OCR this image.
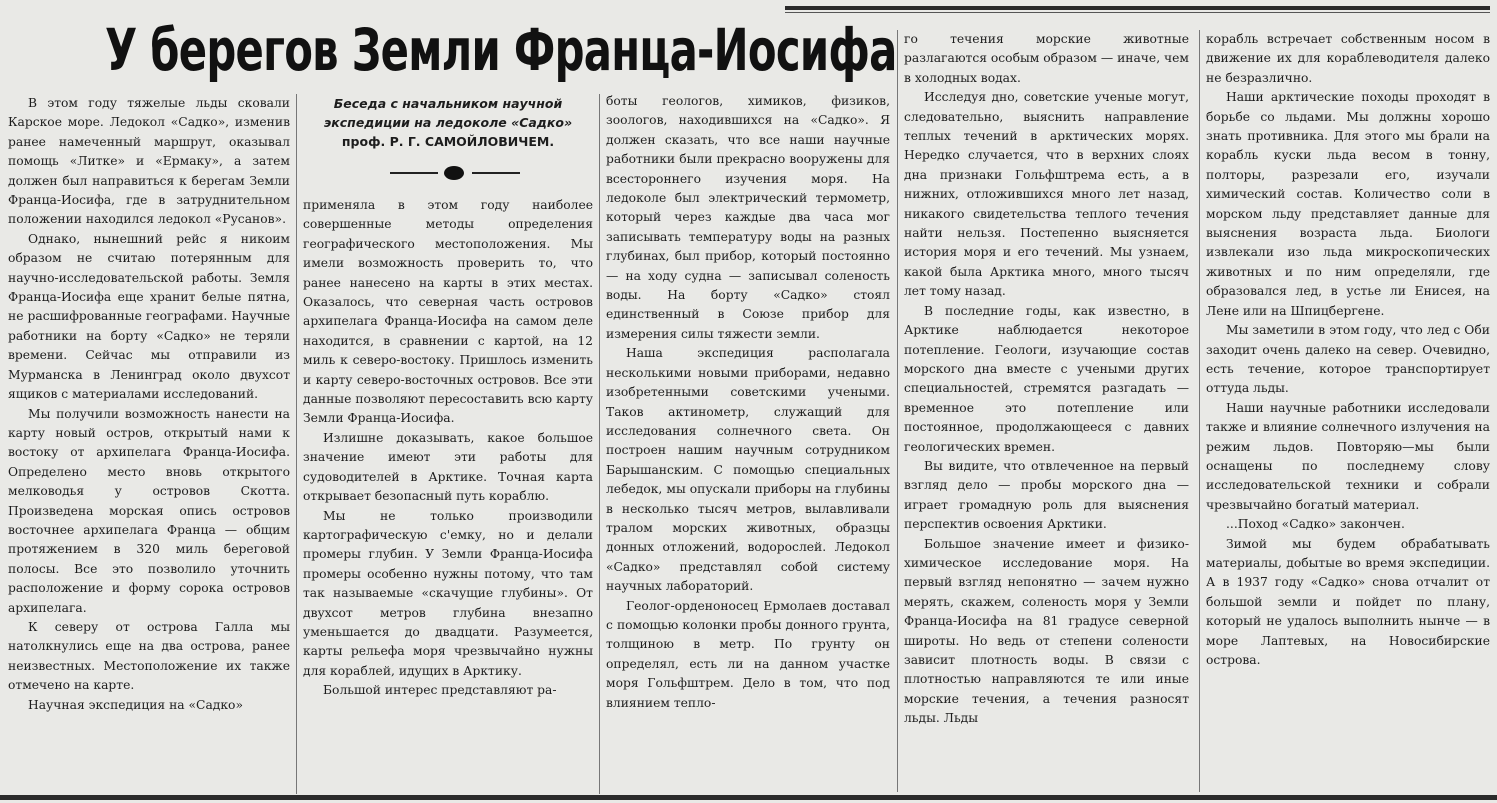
У берегов Земли Франца-Иосифа
Беседа с начальником научной экспедиции на ледоколе «Садко»
проф. Р. Г. САМОЙЛОВИЧЕМ.

В этом году тяжелые льды сковали Карское море. Ледокол «Садко», изменив ранее намеченный маршрут, оказывал помощь «Литке» и «Ермаку», а затем должен был направиться к берегам Земли Франца-Иосифа, где в затруднительном положении находился ледокол «Русанов».

Однако, нынешний рейс я никоим образом не считаю потерянным для научно-исследовательской работы. Земля Франца-Иосифа еще хранит белые пятна, не расшифрованные географами. Научные работники на борту «Садко» не теряли времени. Сейчас мы отправили из Мурманска в Ленинград около двухсот ящиков с материалами исследований.

Мы получили возможность нанести на карту новый остров, открытый нами к востоку от архипелага Франца-Иосифа. Определено место вновь открытого мелководья у островов Скотта. Произведена морская опись островов восточнее архипелага Франца — общим протяжением в 320 миль береговой полосы. Все это позволило уточнить расположение и форму сорока островов архипелага.

К северу от острова Галла мы натолкнулись еще на два острова, ранее неизвестных. Местоположение их также отмечено на карте.

Научная экспедиция на «Садко»

применяла в этом году наиболее совершенные методы определения географического местоположения. Мы имели возможность проверить то, что ранее нанесено на карты в этих местах. Оказалось, что северная часть островов архипелага Франца-Иосифа на самом деле находится, в сравнении с картой, на 12 миль к северо-востоку. Пришлось изменить и карту северо-восточных островов. Все эти данные позволяют пересоставить всю карту Земли Франца-Иосифа.

Излишне доказывать, какое большое значение имеют эти работы для судоводителей в Арктике. Точная карта открывает безопасный путь кораблю.

Мы не только производили картографическую с'емку, но и делали промеры глубин. У Земли Франца-Иосифа промеры особенно нужны потому, что там так называемые «скачущие глубины». От двухсот метров глубина внезапно уменьшается до двадцати. Разумеется, карты рельефа моря чрезвычайно нужны для кораблей, идущих в Арктику.

Большой интерес представляют ра-

боты геологов, химиков, физиков, зоологов, находившихся на «Садко». Я должен сказать, что все наши научные работники были прекрасно вооружены для всестороннего изучения моря. На ледоколе был электрический термометр, который через каждые два часа мог записывать температуру воды на разных глубинах, был прибор, который постоянно — на ходу судна — записывал соленость воды. На борту «Садко» стоял единственный в Союзе прибор для измерения силы тяжести земли.

Наша экспедиция располагала несколькими новыми приборами, недавно изобретенными советскими учеными. Таков актинометр, служащий для исследования солнечного света. Он построен нашим научным сотрудником Барышанским. С помощью специальных лебедок, мы опускали приборы на глубины в несколько тысяч метров, вылавливали тралом морских животных, образцы донных отложений, водорослей. Ледокол «Садко» представлял собой систему научных лабораторий.

Геолог-орденоносец Ермолаев доставал с помощью колонки пробы донного грунта, толщиною в метр. По грунту он определял, есть ли на данном участке моря Гольфштрем. Дело в том, что под влиянием тепло-

го течения морские животные разлагаются особым образом — иначе, чем в холодных водах.

Исследуя дно, советские ученые могут, следовательно, выяснить направление теплых течений в арктических морях. Нередко случается, что в верхних слоях дна признаки Гольфштрема есть, а в нижних, отложившихся много лет назад, никакого свидетельства теплого течения найти нельзя. Постепенно выясняется история моря и его течений. Мы узнаем, какой была Арктика много, много тысяч лет тому назад.

В последние годы, как известно, в Арктике наблюдается некоторое потепление. Геологи, изучающие состав морского дна вместе с учеными других специальностей, стремятся разгадать — временное это потепление или постоянное, продолжающееся с давних геологических времен.

Вы видите, что отвлеченное на первый взгляд дело — пробы морского дна — играет громадную роль для выяснения перспектив освоения Арктики.

Большое значение имеет и физико-химическое исследование моря. На первый взгляд непонятно — зачем нужно мерять, скажем, соленость моря у Земли Франца-Иосифа на 81 градусе северной широты. Но ведь от степени солености зависит плотность воды. В связи с плотностью направляются те или иные морские течения, а течения разносят льды. Льды

корабль встречает собственным носом в движение их для кораблеводителя далеко не безразлично.

Наши арктические походы проходят в борьбе со льдами. Мы должны хорошо знать противника. Для этого мы брали на корабль куски льда весом в тонну, полторы, разрезали его, изучали химический состав. Количество соли в морском льду представляет данные для выяснения возраста льда. Биологи извлекали изо льда микроскопических животных и по ним определяли, где образовался лед, в устье ли Енисея, на Лене или на Шпицбергене.

Мы заметили в этом году, что лед с Оби заходит очень далеко на север. Очевидно, есть течение, которое транспортирует оттуда льды.

Наши научные работники исследовали также и влияние солнечного излучения на режим льдов. Повторяю—мы были оснащены по последнему слову исследовательской техники и собрали чрезвычайно богатый материал.

...Поход «Садко» закончен.

Зимой мы будем обрабатывать материалы, добытые во время экспедиции. А в 1937 году «Садко» снова отчалит от большой земли и пойдет по плану, который не удалось выполнить нынче — в море Лаптевых, на Новосибирские острова.
